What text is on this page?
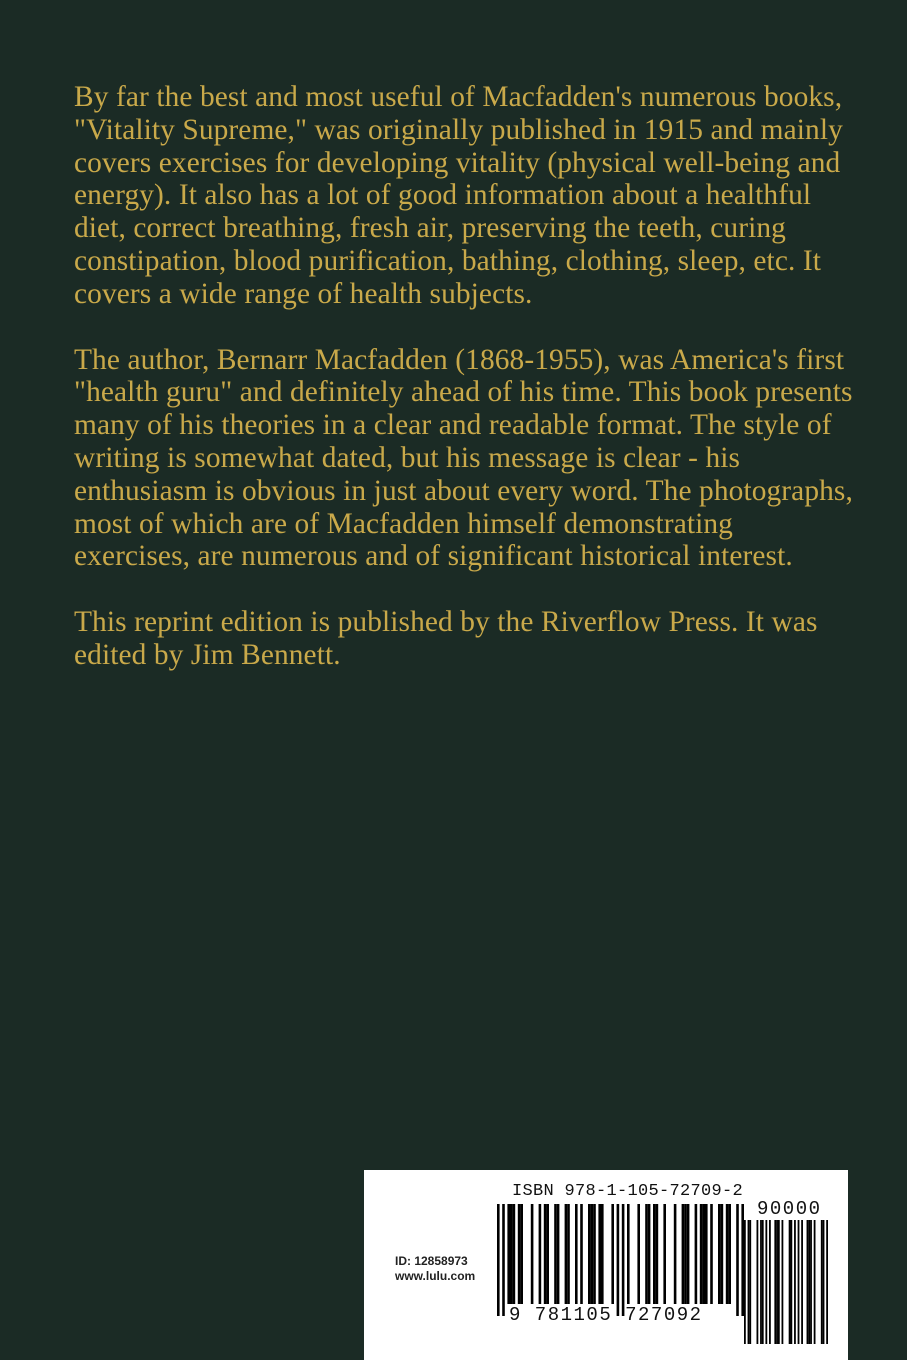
By far the best and most useful of Macfadden's numerous books, "Vitality Supreme," was originally published in 1915 and mainly covers exercises for developing vitality (physical well-being and energy). It also has a lot of good information about a healthful diet, correct breathing, fresh air, preserving the teeth, curing constipation, blood purification, bathing, clothing, sleep, etc. It covers a wide range of health subjects.

The author, Bernarr Macfadden (1868-1955), was America's first "health guru" and definitely ahead of his time. This book presents many of his theories in a clear and readable format. The style of writing is somewhat dated, but his message is clear - his enthusiasm is obvious in just about every word. The photographs, most of which are of Macfadden himself demonstrating exercises, are numerous and of significant historical interest.

This reprint edition is published by the Riverflow Press. It was edited by Jim Bennett.

ISBN 978-1-105-72709-2
ID: 12858973
www.lulu.com
9 781105 727092
90000
